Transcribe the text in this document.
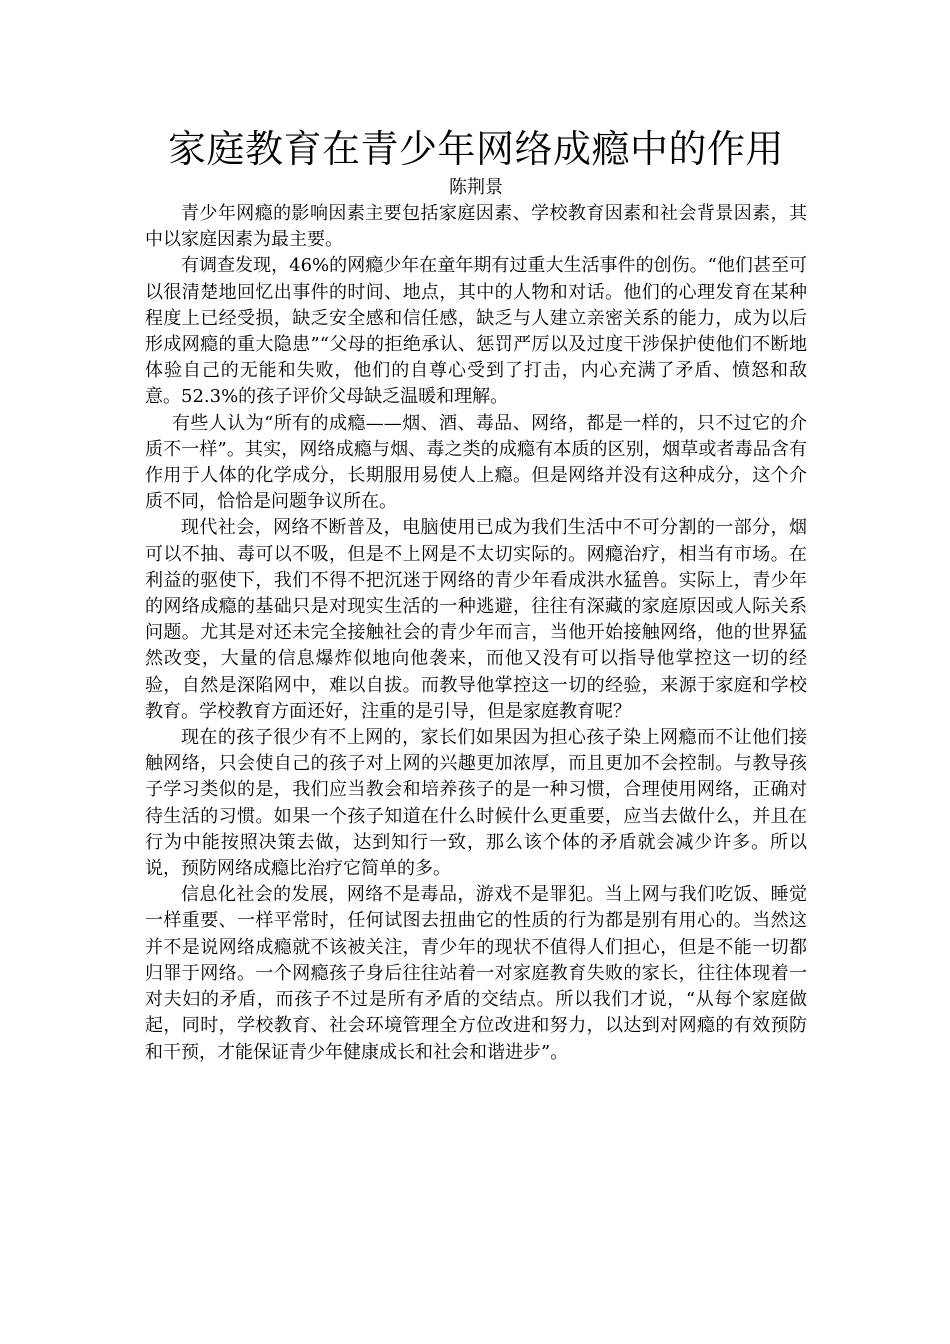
家庭教育在青少年网络成瘾中的作用
陈荆景

青少年网瘾的影响因素主要包括家庭因素、学校教育因素和社会背景因素，其中以家庭因素为最主要。

有调查发现，46%的网瘾少年在童年期有过重大生活事件的创伤。“他们甚至可以很清楚地回忆出事件的时间、地点，其中的人物和对话。他们的心理发育在某种程度上已经受损，缺乏安全感和信任感，缺乏与人建立亲密关系的能力，成为以后形成网瘾的重大隐患”“父母的拒绝承认、惩罚严厉以及过度干涉保护使他们不断地体验自己的无能和失败，他们的自尊心受到了打击，内心充满了矛盾、愤怒和敌意。52.3%的孩子评价父母缺乏温暖和理解。

有些人认为“所有的成瘾——烟、酒、毒品、网络，都是一样的，只不过它的介质不一样”。其实，网络成瘾与烟、毒之类的成瘾有本质的区别，烟草或者毒品含有作用于人体的化学成分，长期服用易使人上瘾。但是网络并没有这种成分，这个介质不同，恰恰是问题争议所在。

现代社会，网络不断普及，电脑使用已成为我们生活中不可分割的一部分，烟可以不抽、毒可以不吸，但是不上网是不太切实际的。网瘾治疗，相当有市场。在利益的驱使下，我们不得不把沉迷于网络的青少年看成洪水猛兽。实际上，青少年的网络成瘾的基础只是对现实生活的一种逃避，往往有深藏的家庭原因或人际关系问题。尤其是对还未完全接触社会的青少年而言，当他开始接触网络，他的世界猛然改变，大量的信息爆炸似地向他袭来，而他又没有可以指导他掌控这一切的经验，自然是深陷网中，难以自拔。而教导他掌控这一切的经验，来源于家庭和学校教育。学校教育方面还好，注重的是引导，但是家庭教育呢？

现在的孩子很少有不上网的，家长们如果因为担心孩子染上网瘾而不让他们接触网络，只会使自己的孩子对上网的兴趣更加浓厚，而且更加不会控制。与教导孩子学习类似的是，我们应当教会和培养孩子的是一种习惯，合理使用网络，正确对待生活的习惯。如果一个孩子知道在什么时候什么更重要，应当去做什么，并且在行为中能按照决策去做，达到知行一致，那么该个体的矛盾就会减少许多。所以说，预防网络成瘾比治疗它简单的多。

信息化社会的发展，网络不是毒品，游戏不是罪犯。当上网与我们吃饭、睡觉一样重要、一样平常时，任何试图去扭曲它的性质的行为都是别有用心的。当然这并不是说网络成瘾就不该被关注，青少年的现状不值得人们担心，但是不能一切都归罪于网络。一个网瘾孩子身后往往站着一对家庭教育失败的家长，往往体现着一对夫妇的矛盾，而孩子不过是所有矛盾的交结点。所以我们才说，“从每个家庭做起，同时，学校教育、社会环境管理全方位改进和努力，以达到对网瘾的有效预防和干预，才能保证青少年健康成长和社会和谐进步”。
